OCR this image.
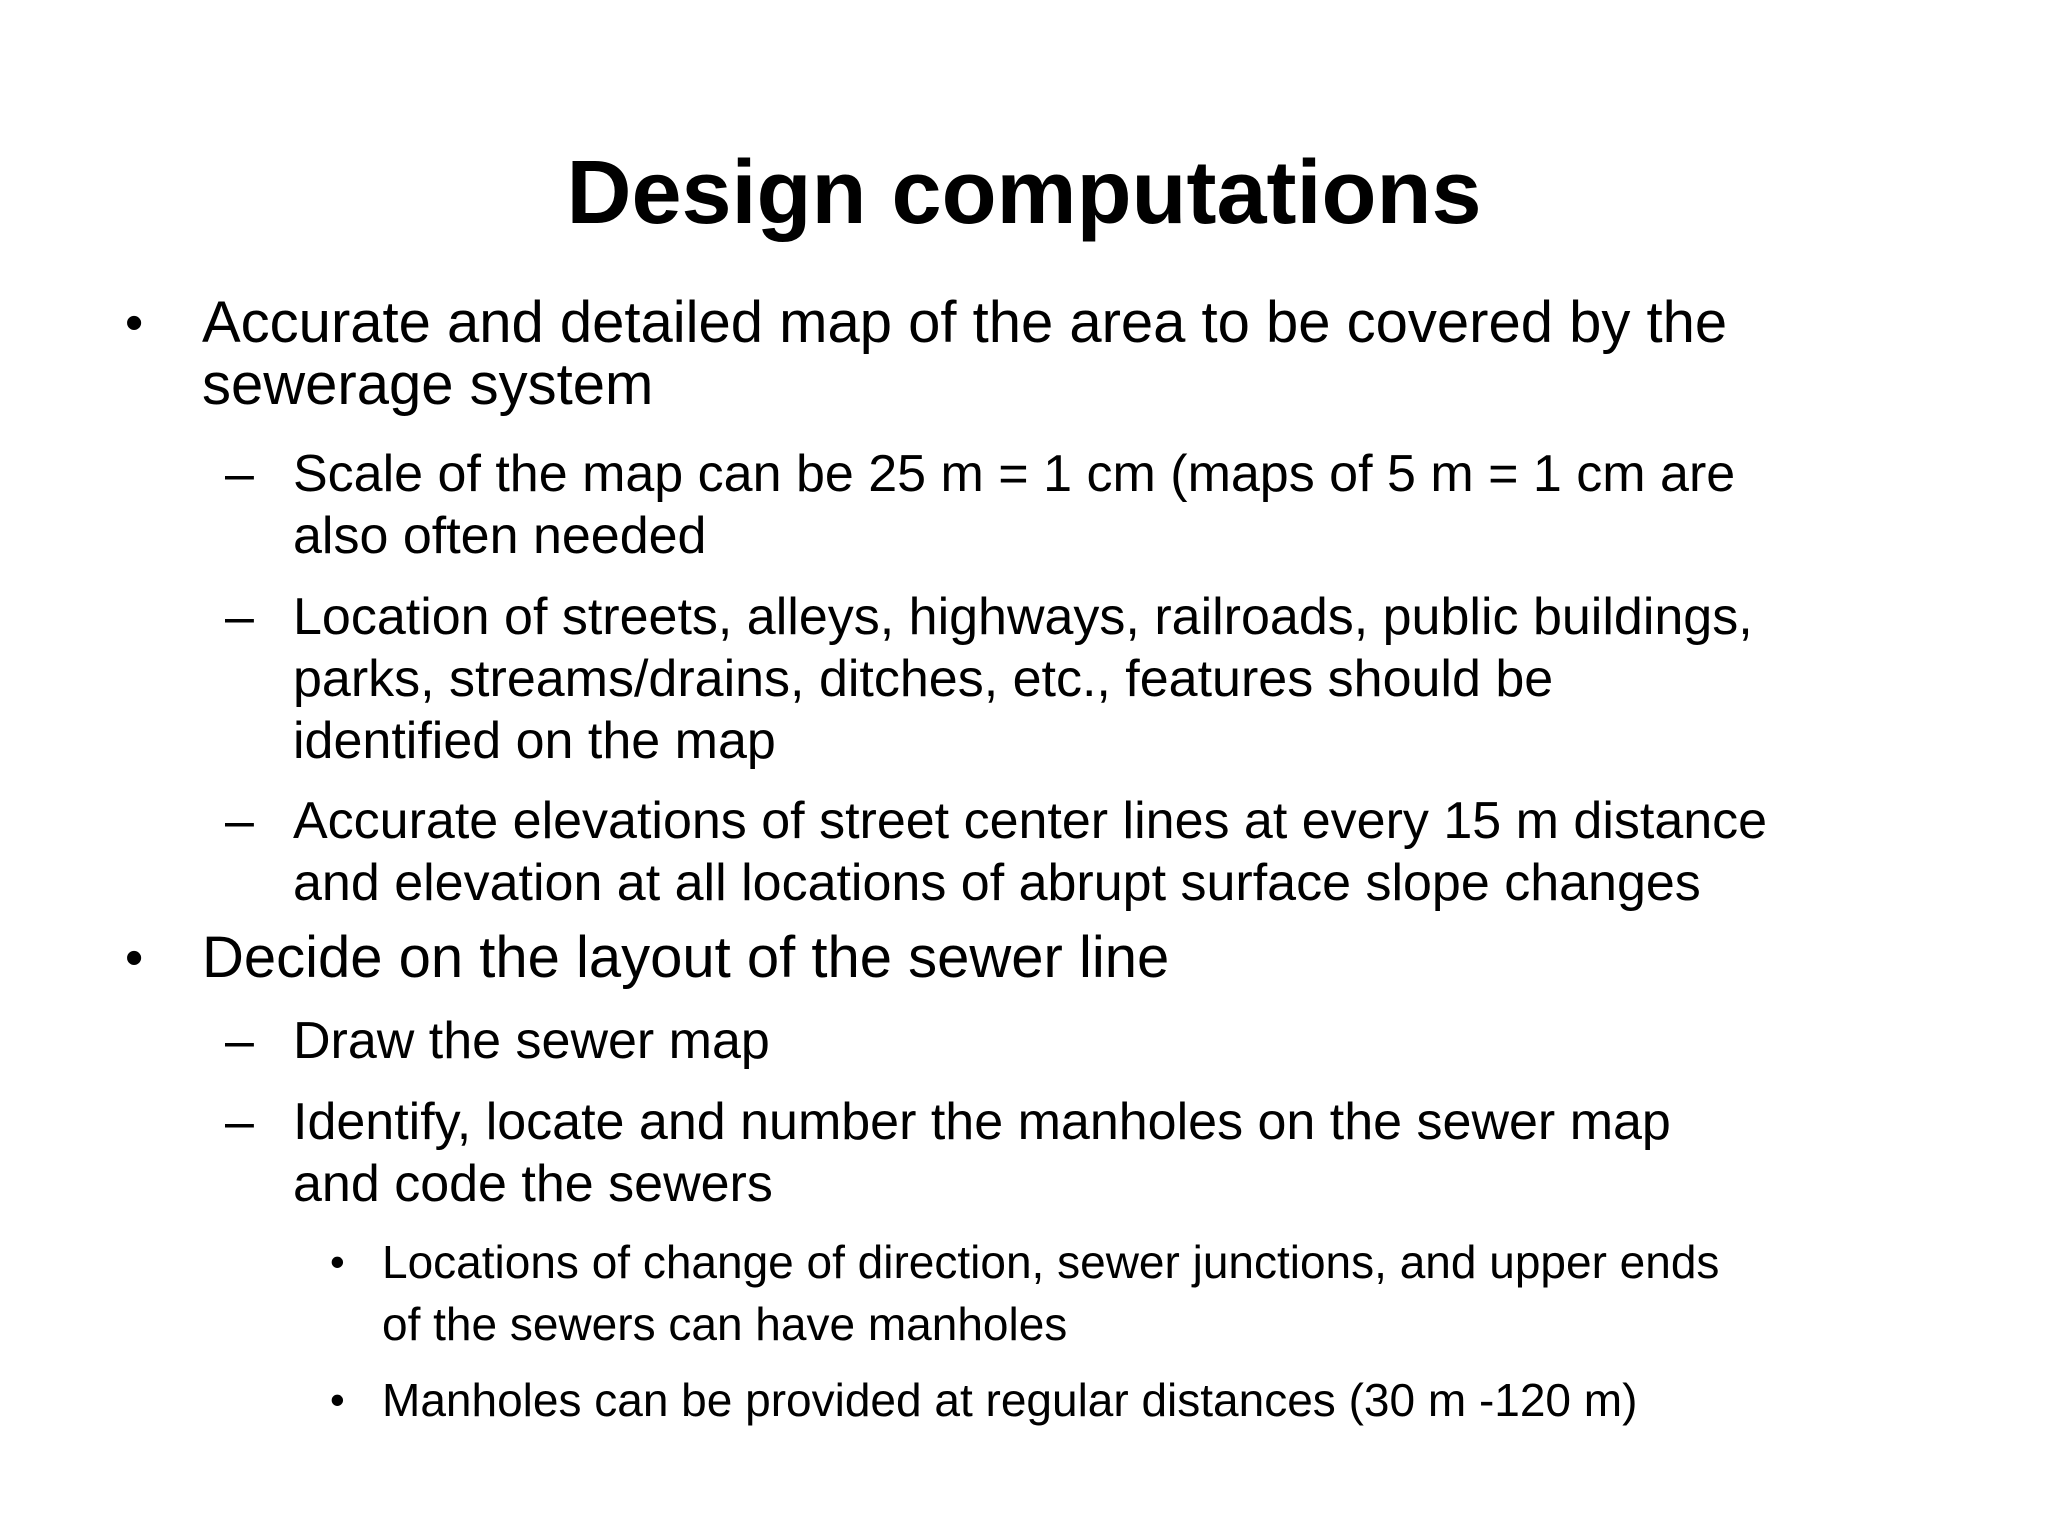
Design computations
•	Accurate and detailed map of the area to be covered by the
sewerage system
– Scale of the map can be 25 m = 1 cm (maps of 5 m = 1 cm are
also often needed
– Location of streets, alleys, highways, railroads, public buildings,
parks, streams/drains, ditches, etc., features should be
identified on the map
– Accurate elevations of street center lines at every 15 m distance
and elevation at all locations of abrupt surface slope changes
•	Decide on the layout of the sewer line
– Draw the sewer map
– Identify, locate and number the manholes on the sewer map
and code the sewers
• Locations of change of direction, sewer junctions, and upper ends
of the sewers can have manholes
• Manholes can be provided at regular distances (30 m -120 m)
